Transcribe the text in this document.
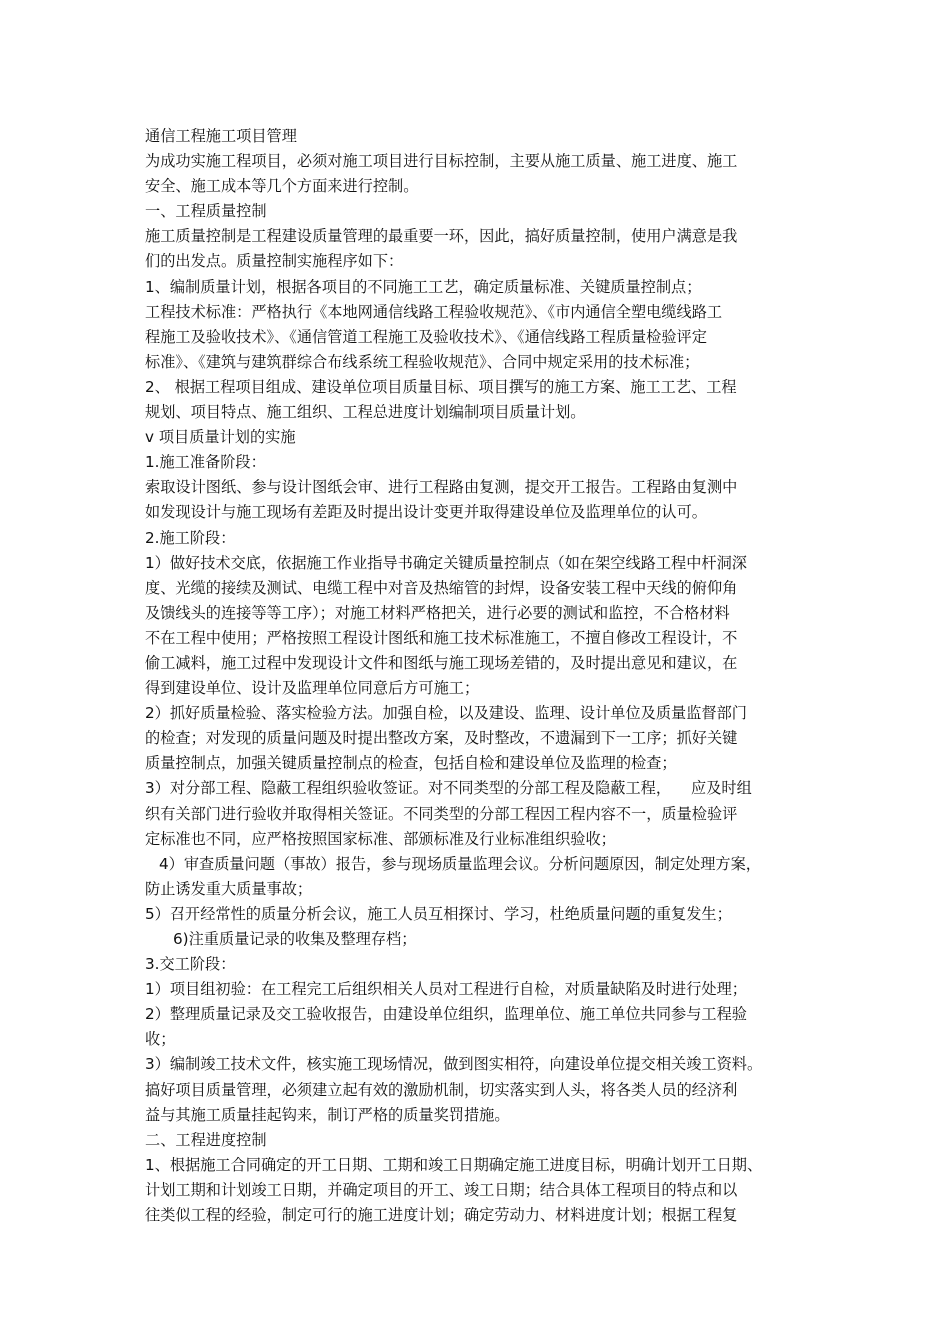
通信工程施工项目管理
为成功实施工程项目，必须对施工项目进行目标控制，主要从施工质量、施工进度、施工
安全、施工成本等几个方面来进行控制。
一、工程质量控制
施工质量控制是工程建设质量管理的最重要一环，因此，搞好质量控制，使用户满意是我
们的出发点。质量控制实施程序如下：
1、编制质量计划，根据各项目的不同施工工艺，确定质量标准、关键质量控制点；
工程技术标准：严格执行《本地网通信线路工程验收规范》、《市内通信全塑电缆线路工
程施工及验收技术》、《通信管道工程施工及验收技术》、《通信线路工程质量检验评定
标准》、《建筑与建筑群综合布线系统工程验收规范》、合同中规定采用的技术标准；
2、 根据工程项目组成、建设单位项目质量目标、项目撰写的施工方案、施工工艺、工程
规划、项目特点、施工组织、工程总进度计划编制项目质量计划。
v 项目质量计划的实施
1.施工准备阶段：
索取设计图纸、参与设计图纸会审、进行工程路由复测，提交开工报告。工程路由复测中
如发现设计与施工现场有差距及时提出设计变更并取得建设单位及监理单位的认可。
2.施工阶段：
1）做好技术交底，依据施工作业指导书确定关键质量控制点（如在架空线路工程中杆洞深
度、光缆的接续及测试、电缆工程中对音及热缩管的封焊，设备安装工程中天线的俯仰角
及馈线头的连接等等工序）；对施工材料严格把关，进行必要的测试和监控，不合格材料
不在工程中使用；严格按照工程设计图纸和施工技术标准施工，不擅自修改工程设计，不
偷工减料，施工过程中发现设计文件和图纸与施工现场差错的，及时提出意见和建议，在
得到建设单位、设计及监理单位同意后方可施工；
2）抓好质量检验、落实检验方法。加强自检，以及建设、监理、设计单位及质量监督部门
的检查；对发现的质量问题及时提出整改方案，及时整改，不遗漏到下一工序；抓好关键
质量控制点，加强关键质量控制点的检查，包括自检和建设单位及监理的检查；
3）对分部工程、隐蔽工程组织验收签证。对不同类型的分部工程及隐蔽工程， 应及时组
织有关部门进行验收并取得相关签证。不同类型的分部工程因工程内容不一，质量检验评
定标准也不同，应严格按照国家标准、部颁标准及行业标准组织验收；
4）审查质量问题（事故）报告，参与现场质量监理会议。分析问题原因，制定处理方案，
防止诱发重大质量事故；
5）召开经常性的质量分析会议，施工人员互相探讨、学习，杜绝质量问题的重复发生；
6)注重质量记录的收集及整理存档；
3.交工阶段：
1）项目组初验：在工程完工后组织相关人员对工程进行自检，对质量缺陷及时进行处理；
2）整理质量记录及交工验收报告，由建设单位组织，监理单位、施工单位共同参与工程验
收；
3）编制竣工技术文件，核实施工现场情况，做到图实相符，向建设单位提交相关竣工资料。
搞好项目质量管理，必须建立起有效的激励机制，切实落实到人头，将各类人员的经济利
益与其施工质量挂起钩来，制订严格的质量奖罚措施。
二、工程进度控制
1、根据施工合同确定的开工日期、工期和竣工日期确定施工进度目标，明确计划开工日期、
计划工期和计划竣工日期，并确定项目的开工、竣工日期；结合具体工程项目的特点和以
往类似工程的经验，制定可行的施工进度计划；确定劳动力、材料进度计划；根据工程复
